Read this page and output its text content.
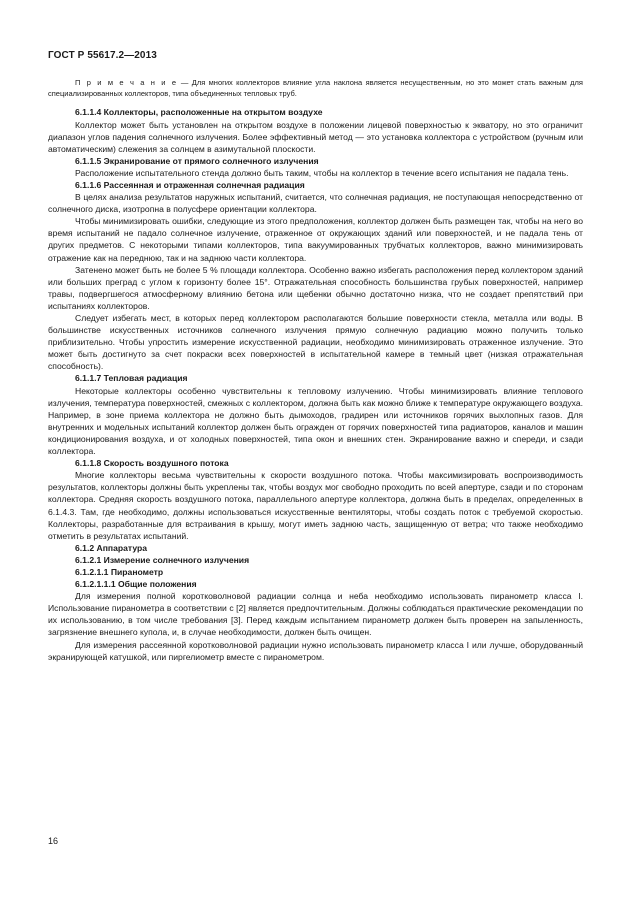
ГОСТ Р 55617.2—2013

П р и м е ч а н и е — Для многих коллекторов влияние угла наклона является несущественным, но это может стать важным для специализированных коллекторов, типа объединенных тепловых труб.

6.1.1.4 Коллекторы, расположенные на открытом воздухе

Коллектор может быть установлен на открытом воздухе в положении лицевой поверхностью к экватору, но это ограничит диапазон углов падения солнечного излучения. Более эффективный метод — это установка коллектора с устройством (ручным или автоматическим) слежения за солнцем в азимутальной плоскости.

6.1.1.5 Экранирование от прямого солнечного излучения

Расположение испытательного стенда должно быть таким, чтобы на коллектор в течение всего испытания не падала тень.

6.1.1.6 Рассеянная и отраженная солнечная радиация

В целях анализа результатов наружных испытаний, считается, что солнечная радиация, не поступающая непосредственно от солнечного диска, изотропна в полусфере ориентации коллектора.

Чтобы минимизировать ошибки, следующие из этого предположения, коллектор должен быть размещен так, чтобы на него во время испытаний не падало солнечное излучение, отраженное от окружающих зданий или поверхностей, и не падала тень от других предметов. С некоторыми типами коллекторов, типа вакуумированных трубчатых коллекторов, важно минимизировать отражение как на переднюю, так и на заднюю части коллектора.

Затенено может быть не более 5 % площади коллектора. Особенно важно избегать расположения перед коллектором зданий или больших преград с углом к горизонту более 15°. Отражательная способность большинства грубых поверхностей, например травы, подвергшегося атмосферному влиянию бетона или щебенки обычно достаточно низка, что не создает препятствий при испытаниях коллекторов.

Следует избегать мест, в которых перед коллектором располагаются большие поверхности стекла, металла или воды. В большинстве искусственных источников солнечного излучения прямую солнечную радиацию можно получить только приблизительно. Чтобы упростить измерение искусственной радиации, необходимо минимизировать отраженное излучение. Это может быть достигнуто за счет покраски всех поверхностей в испытательной камере в темный цвет (низкая отражательная способность).

6.1.1.7 Тепловая радиация

Некоторые коллекторы особенно чувствительны к тепловому излучению. Чтобы минимизировать влияние теплового излучения, температура поверхностей, смежных с коллектором, должна быть как можно ближе к температуре окружающего воздуха. Например, в зоне приема коллектора не должно быть дымоходов, градирен или источников горячих выхлопных газов. Для внутренних и модельных испытаний коллектор должен быть огражден от горячих поверхностей типа радиаторов, каналов и машин кондиционирования воздуха, и от холодных поверхностей, типа окон и внешних стен. Экранирование важно и спереди, и сзади коллектора.

6.1.1.8 Скорость воздушного потока

Многие коллекторы весьма чувствительны к скорости воздушного потока. Чтобы максимизировать воспроизводимость результатов, коллекторы должны быть укреплены так, чтобы воздух мог свободно проходить по всей апертуре, сзади и по сторонам коллектора. Средняя скорость воздушного потока, параллельного апертуре коллектора, должна быть в пределах, определенных в 6.1.4.3. Там, где необходимо, должны использоваться искусственные вентиляторы, чтобы создать поток с требуемой скоростью. Коллекторы, разработанные для встраивания в крышу, могут иметь заднюю часть, защищенную от ветра; что также необходимо отметить в результатах испытаний.

6.1.2 Аппаратура

6.1.2.1 Измерение солнечного излучения

6.1.2.1.1 Пиранометр

6.1.2.1.1.1 Общие положения

Для измерения полной коротковолновой радиации солнца и неба необходимо использовать пиранометр класса I. Использование пиранометра в соответствии с [2] является предпочтительным. Должны соблюдаться практические рекомендации по их использованию, в том числе требования [3]. Перед каждым испытанием пиранометр должен быть проверен на запыленность, загрязнение внешнего купола, и, в случае необходимости, должен быть очищен.

Для измерения рассеянной коротковолновой радиации нужно использовать пиранометр класса I или лучше, оборудованный экранирующей катушкой, или пиргелиометр вместе с пиранометром.

16
